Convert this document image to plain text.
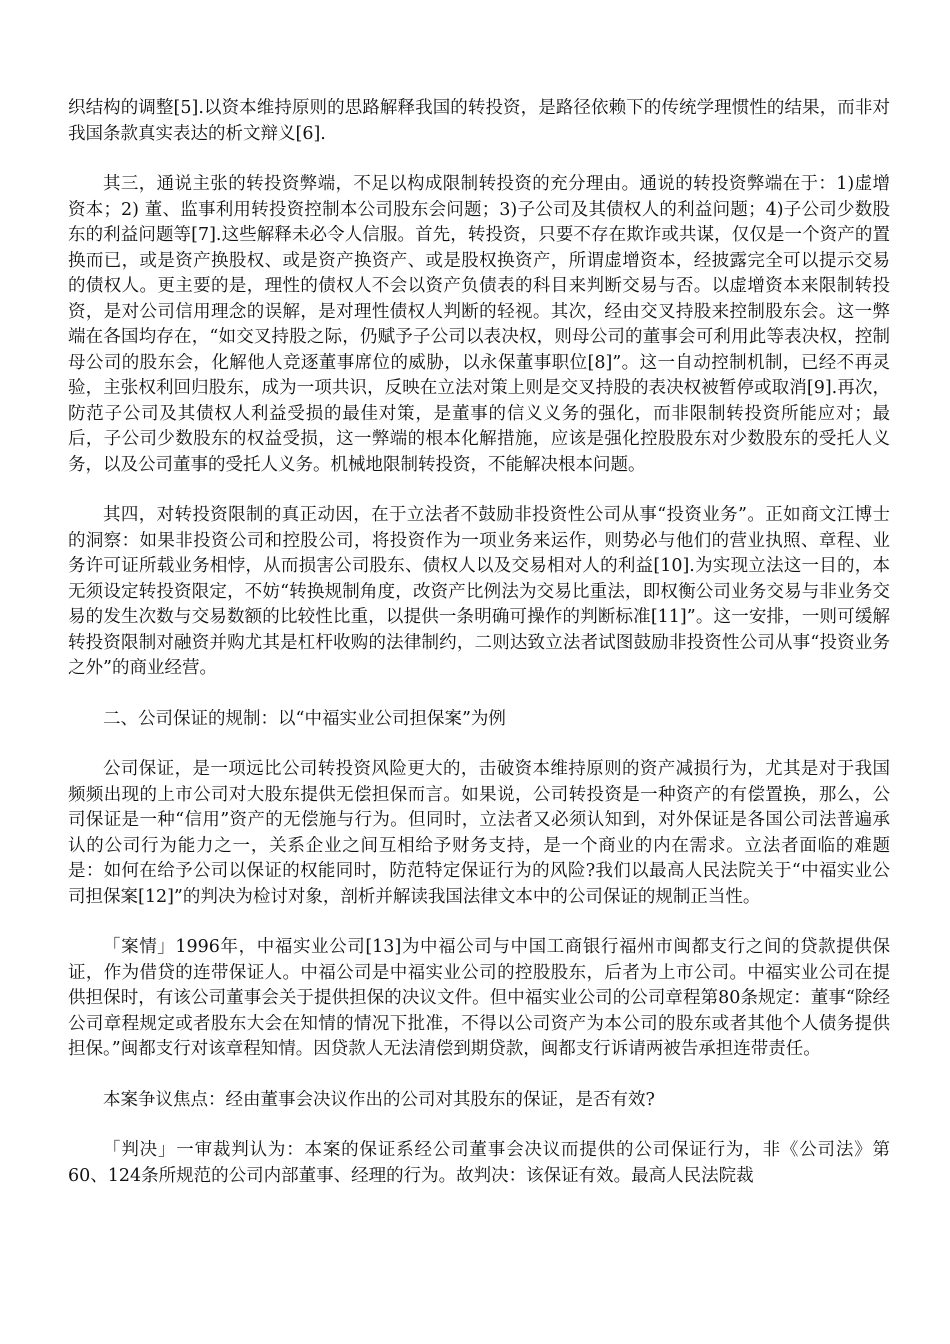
织结构的调整[5].以资本维持原则的思路解释我国的转投资，是路径依赖下的传统学理惯性的结果，而非对我国条款真实表达的析文辩义[6].

其三，通说主张的转投资弊端，不足以构成限制转投资的充分理由。通说的转投资弊端在于：1)虚增资本；2) 董、监事利用转投资控制本公司股东会问题；3)子公司及其债权人的利益问题；4)子公司少数股东的利益问题等[7].这些解释未必令人信服。首先，转投资，只要不存在欺诈或共谋，仅仅是一个资产的置换而已，或是资产换股权、或是资产换资产、或是股权换资产，所谓虚增资本，经披露完全可以提示交易的债权人。更主要的是，理性的债权人不会以资产负债表的科目来判断交易与否。以虚增资本来限制转投资，是对公司信用理念的误解，是对理性债权人判断的轻视。其次，经由交叉持股来控制股东会。这一弊端在各国均存在，“如交叉持股之际，仍赋予子公司以表决权，则母公司的董事会可利用此等表决权，控制母公司的股东会，化解他人竞逐董事席位的威胁，以永保董事职位[8]”。这一自动控制机制，已经不再灵验，主张权利回归股东，成为一项共识，反映在立法对策上则是交叉持股的表决权被暂停或取消[9].再次，防范子公司及其债权人利益受损的最佳对策，是董事的信义义务的强化，而非限制转投资所能应对；最后，子公司少数股东的权益受损，这一弊端的根本化解措施，应该是强化控股股东对少数股东的受托人义务，以及公司董事的受托人义务。机械地限制转投资，不能解决根本问题。

其四，对转投资限制的真正动因，在于立法者不鼓励非投资性公司从事“投资业务”。正如商文江博士的洞察：如果非投资公司和控股公司，将投资作为一项业务来运作，则势必与他们的营业执照、章程、业务许可证所载业务相悖，从而损害公司股东、债权人以及交易相对人的利益[10].为实现立法这一目的，本无须设定转投资限定，不妨“转换规制角度，改资产比例法为交易比重法，即权衡公司业务交易与非业务交易的发生次数与交易数额的比较性比重，以提供一条明确可操作的判断标准[11]”。这一安排，一则可缓解转投资限制对融资并购尤其是杠杆收购的法律制约，二则达致立法者试图鼓励非投资性公司从事“投资业务之外”的商业经营。

二、公司保证的规制：以“中福实业公司担保案”为例

公司保证，是一项远比公司转投资风险更大的，击破资本维持原则的资产减损行为，尤其是对于我国频频出现的上市公司对大股东提供无偿担保而言。如果说，公司转投资是一种资产的有偿置换，那么，公司保证是一种“信用”资产的无偿施与行为。但同时，立法者又必须认知到，对外保证是各国公司法普遍承认的公司行为能力之一，关系企业之间互相给予财务支持，是一个商业的内在需求。立法者面临的难题是：如何在给予公司以保证的权能同时，防范特定保证行为的风险?我们以最高人民法院关于“中福实业公司担保案[12]”的判决为检讨对象，剖析并解读我国法律文本中的公司保证的规制正当性。

「案情」1996年，中福实业公司[13]为中福公司与中国工商银行福州市闽都支行之间的贷款提供保证，作为借贷的连带保证人。中福公司是中福实业公司的控股股东，后者为上市公司。中福实业公司在提供担保时，有该公司董事会关于提供担保的决议文件。但中福实业公司的公司章程第80条规定：董事“除经公司章程规定或者股东大会在知情的情况下批准，不得以公司资产为本公司的股东或者其他个人债务提供担保。”闽都支行对该章程知情。因贷款人无法清偿到期贷款，闽都支行诉请两被告承担连带责任。

本案争议焦点：经由董事会决议作出的公司对其股东的保证，是否有效?

「判决」一审裁判认为：本案的保证系经公司董事会决议而提供的公司保证行为，非《公司法》第60、124条所规范的公司内部董事、经理的行为。故判决：该保证有效。最高人民法院裁
